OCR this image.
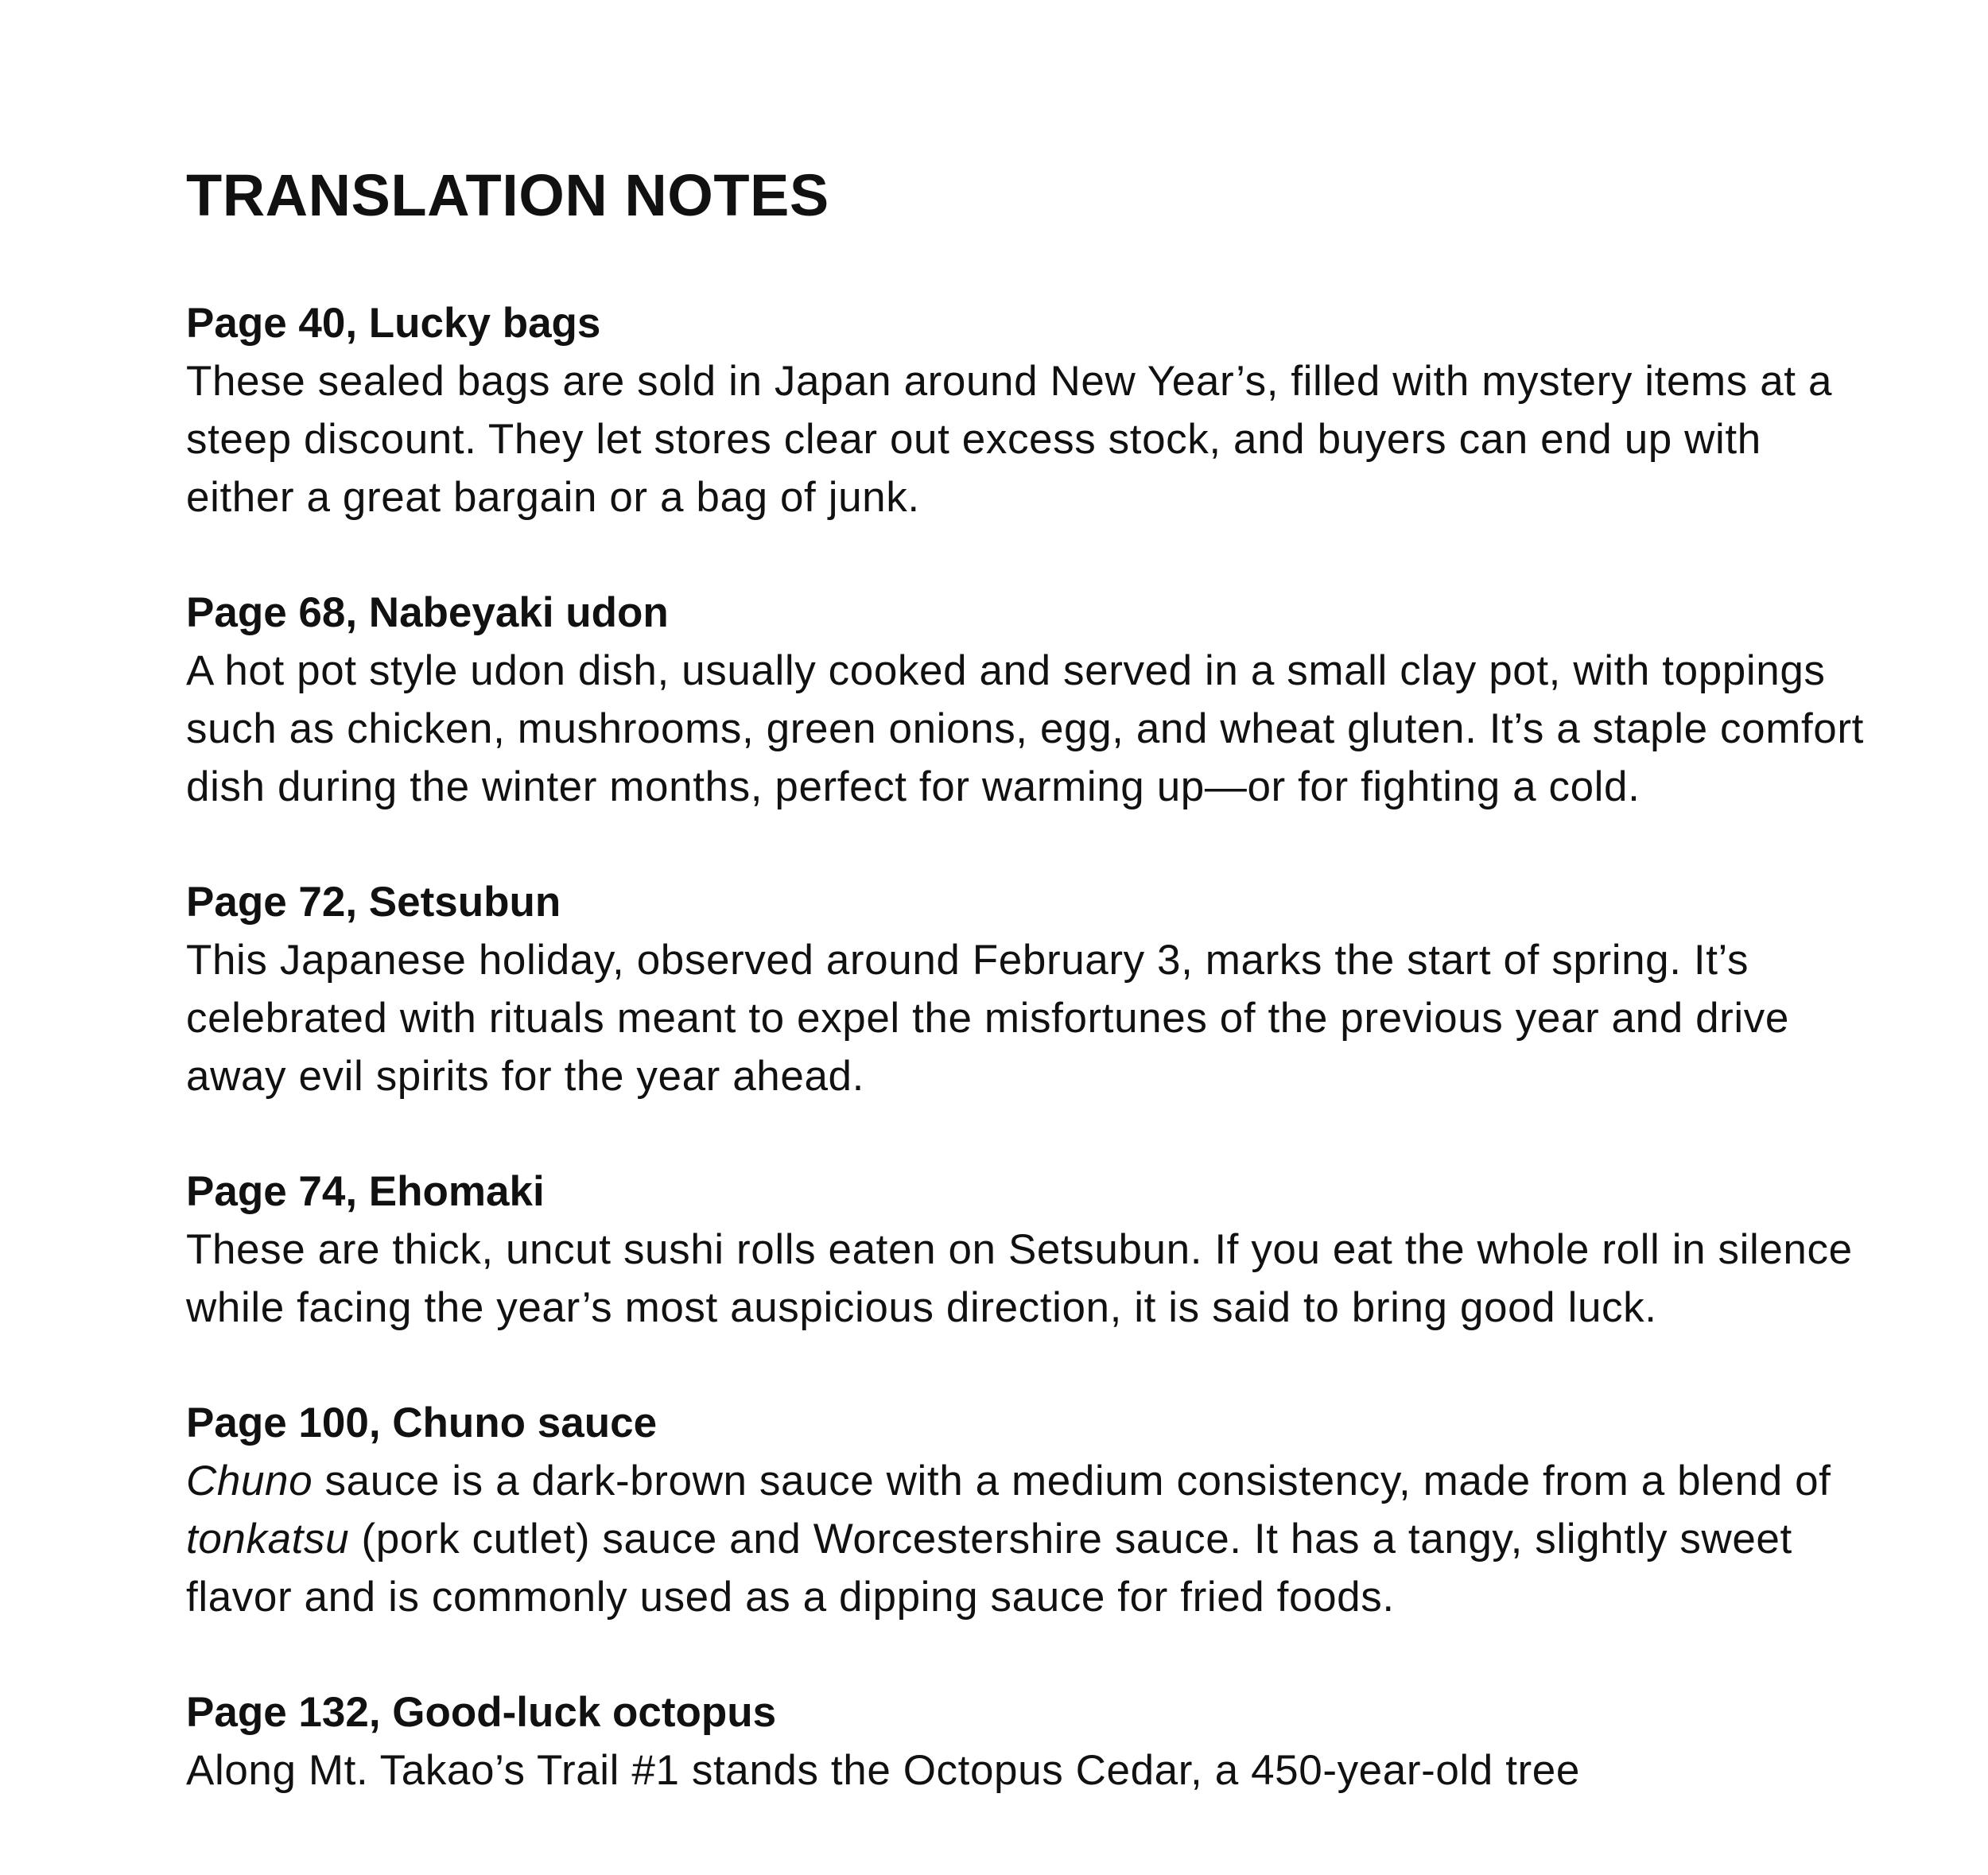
TRANSLATION NOTES

Page 40, Lucky bags

These sealed bags are sold in Japan around New Year’s, filled with mystery items at a steep discount. They let stores clear out excess stock, and buyers can end up with either a great bargain or a bag of junk.

Page 68, Nabeyaki udon

A hot pot style udon dish, usually cooked and served in a small clay pot, with toppings such as chicken, mushrooms, green onions, egg, and wheat gluten. It’s a staple comfort dish during the winter months, perfect for warming up—or for fighting a cold.

Page 72, Setsubun

This Japanese holiday, observed around February 3, marks the start of spring. It’s celebrated with rituals meant to expel the misfortunes of the previous year and drive away evil spirits for the year ahead.

Page 74, Ehomaki

These are thick, uncut sushi rolls eaten on Setsubun. If you eat the whole roll in silence while facing the year’s most auspicious direction, it is said to bring good luck.

Page 100, Chuno sauce

Chuno sauce is a dark-brown sauce with a medium consistency, made from a blend of tonkatsu (pork cutlet) sauce and Worcestershire sauce. It has a tangy, slightly sweet flavor and is commonly used as a dipping sauce for fried foods.

Page 132, Good-luck octopus

Along Mt. Takao’s Trail #1 stands the Octopus Cedar, a 450-year-old tree
